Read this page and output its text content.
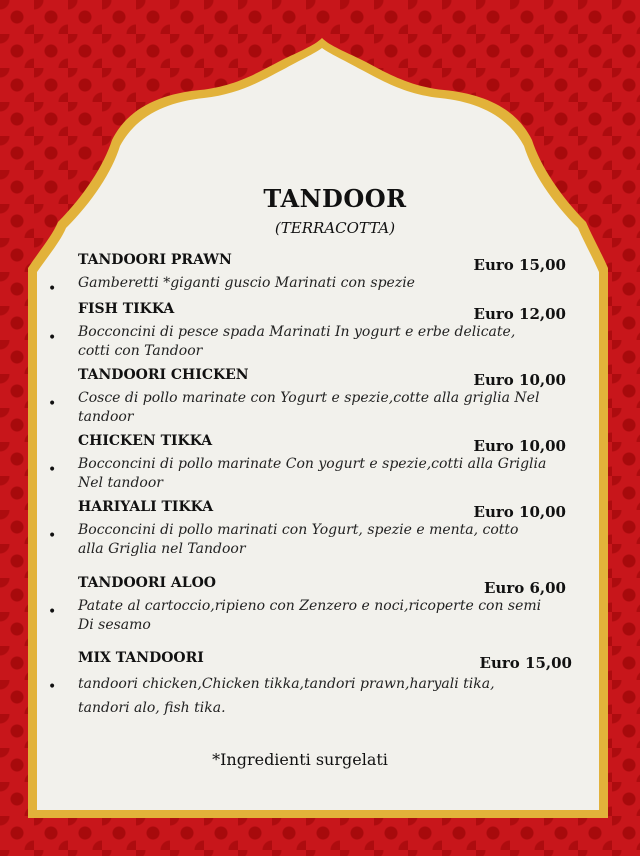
TANDOOR
(TERRACOTTA)
TANDOORI PRAWN	Euro 15,00
• Gamberetti *giganti guscio Marinati con spezie
FISH TIKKA	Euro 12,00
• Bocconcini di pesce spada Marinati In yogurt e erbe delicate, cotti con Tandoor
TANDOORI CHICKEN	Euro 10,00
• Cosce di pollo marinate con Yogurt e spezie,cotte alla griglia Nel tandoor
CHICKEN TIKKA	Euro 10,00
• Bocconcini di pollo marinate Con yogurt e spezie,cotti alla Griglia Nel tandoor
HARIYALI TIKKA	Euro 10,00
• Bocconcini di pollo marinati con Yogurt, spezie e menta, cotto alla Griglia nel Tandoor
TANDOORI ALOO	Euro 6,00
• Patate al cartoccio,ripieno con Zenzero e noci,ricoperte con semi Di sesamo
MIX TANDOORI	Euro 15,00
• tandoori chicken,Chicken tikka,tandori prawn,haryali tika, tandori alo, fish tika.
*Ingredienti surgelati
